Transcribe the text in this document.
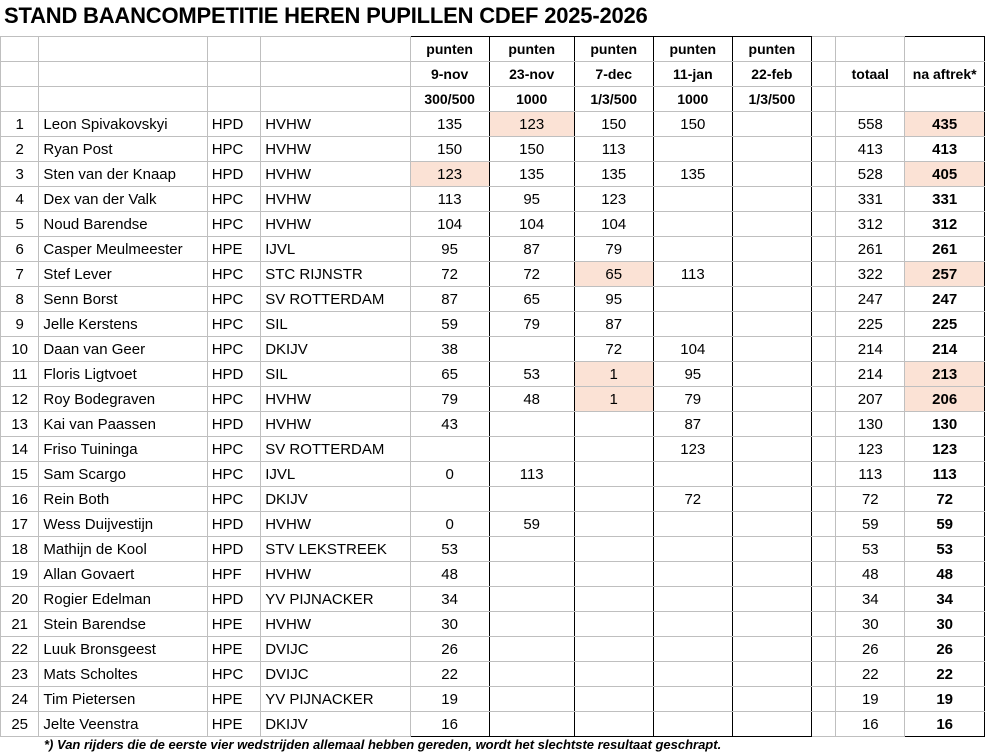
STAND BAANCOMPETITIE HEREN PUPILLEN CDEF 2025-2026
				punten	punten	punten	punten	punten			
				9-nov	23-nov	7-dec	11-jan	22-feb		totaal	na aftrek*
				300/500	1000	1/3/500	1000	1/3/500			
1	Leon Spivakovskyi	HPD	HVHW	135	123	150	150			558	435
2	Ryan Post	HPC	HVHW	150	150	113				413	413
3	Sten van der Knaap	HPD	HVHW	123	135	135	135			528	405
4	Dex van der Valk	HPC	HVHW	113	95	123				331	331
5	Noud Barendse	HPC	HVHW	104	104	104				312	312
6	Casper Meulmeester	HPE	IJVL	95	87	79				261	261
7	Stef Lever	HPC	STC RIJNSTR	72	72	65	113			322	257
8	Senn Borst	HPC	SV ROTTERDAM	87	65	95				247	247
9	Jelle Kerstens	HPC	SIL	59	79	87				225	225
10	Daan van Geer	HPC	DKIJV	38		72	104			214	214
11	Floris Ligtvoet	HPD	SIL	65	53	1	95			214	213
12	Roy Bodegraven	HPC	HVHW	79	48	1	79			207	206
13	Kai van Paassen	HPD	HVHW	43			87			130	130
14	Friso Tuininga	HPC	SV ROTTERDAM				123			123	123
15	Sam Scargo	HPC	IJVL	0	113					113	113
16	Rein Both	HPC	DKIJV				72			72	72
17	Wess Duijvestijn	HPD	HVHW	0	59					59	59
18	Mathijn de Kool	HPD	STV LEKSTREEK	53						53	53
19	Allan Govaert	HPF	HVHW	48						48	48
20	Rogier Edelman	HPD	YV PIJNACKER	34						34	34
21	Stein Barendse	HPE	HVHW	30						30	30
22	Luuk Bronsgeest	HPE	DVIJC	26						26	26
23	Mats Scholtes	HPC	DVIJC	22						22	22
24	Tim Pietersen	HPE	YV PIJNACKER	19						19	19
25	Jelte Veenstra	HPE	DKIJV	16						16	16
*) Van rijders die de eerste vier wedstrijden allemaal hebben gereden, wordt het slechtste resultaat geschrapt.
